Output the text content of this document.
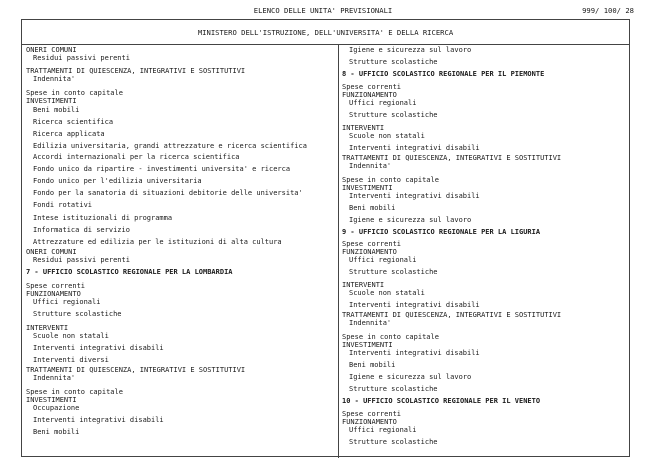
ELENCO DELLE UNITA' PREVISIONALI	999/ 100/ 28
MINISTERO DELL'ISTRUZIONE, DELL'UNIVERSITA' E DELLA RICERCA
ONERI COMUNI
Residui passivi perenti
TRATTAMENTI DI QUIESCENZA, INTEGRATIVI E SOSTITUTIVI
Indennita'
Spese in conto capitale
INVESTIMENTI
Beni mobili
Ricerca scientifica
Ricerca applicata
Edilizia universitaria, grandi attrezzature e ricerca scientifica
Accordi internazionali per la ricerca scientifica
Fondo unico da ripartire - investimenti universita' e ricerca
Fondo unico per l'edilizia universitaria
Fondo per la sanatoria di situazioni debitorie delle universita'
Fondi rotativi
Intese istituzionali di programma
Informatica di servizio
Attrezzature ed edilizia per le istituzioni di alta cultura
ONERI COMUNI
Residui passivi perenti
7 - UFFICIO SCOLASTICO REGIONALE PER LA LOMBARDIA
Spese correnti
FUNZIONAMENTO
Uffici regionali
Strutture scolastiche
INTERVENTI
Scuole non statali
Interventi integrativi disabili
Interventi diversi
TRATTAMENTI DI QUIESCENZA, INTEGRATIVI E SOSTITUTIVI
Indennita'
Spese in conto capitale
INVESTIMENTI
Occupazione
Interventi integrativi disabili
Beni mobili
Igiene e sicurezza sul lavoro
Strutture scolastiche
8 - UFFICIO SCOLASTICO REGIONALE PER IL PIEMONTE
Spese correnti
FUNZIONAMENTO
Uffici regionali
Strutture scolastiche
INTERVENTI
Scuole non statali
Interventi integrativi disabili
TRATTAMENTI DI QUIESCENZA, INTEGRATIVI E SOSTITUTIVI
Indennita'
Spese in conto capitale
INVESTIMENTI
Interventi integrativi disabili
Beni mobili
Igiene e sicurezza sul lavoro
9 - UFFICIO SCOLASTICO REGIONALE PER LA LIGURIA
Spese correnti
FUNZIONAMENTO
Uffici regionali
Strutture scolastiche
INTERVENTI
Scuole non statali
Interventi integrativi disabili
TRATTAMENTI DI QUIESCENZA, INTEGRATIVI E SOSTITUTIVI
Indennita'
Spese in conto capitale
INVESTIMENTI
Interventi integrativi disabili
Beni mobili
Igiene e sicurezza sul lavoro
Strutture scolastiche
10 - UFFICIO SCOLASTICO REGIONALE PER IL VENETO
Spese correnti
FUNZIONAMENTO
Uffici regionali
Strutture scolastiche
